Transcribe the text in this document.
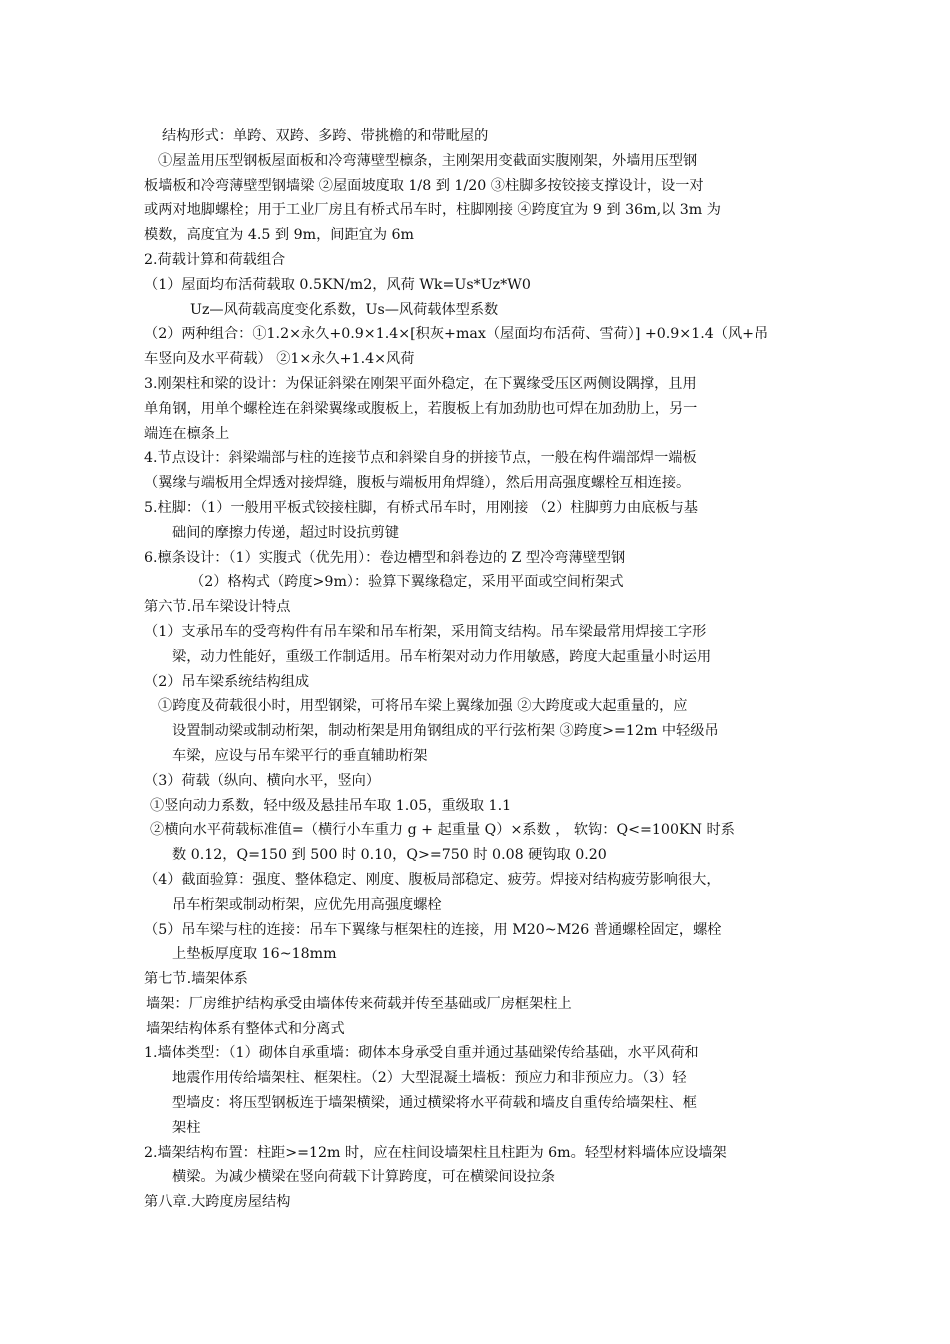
结构形式：单跨、双跨、多跨、带挑檐的和带毗屋的
①屋盖用压型钢板屋面板和冷弯薄壁型檩条，主刚架用变截面实腹刚架，外墙用压型钢
板墙板和冷弯薄壁型钢墙梁 ②屋面坡度取 1/8 到 1/20 ③柱脚多按铰接支撑设计，设一对
或两对地脚螺栓；用于工业厂房且有桥式吊车时，柱脚刚接 ④跨度宜为 9 到 36m,以 3m 为
模数，高度宜为 4.5 到 9m，间距宜为 6m
2.荷载计算和荷载组合
（1）屋面均布活荷载取 0.5KN/m2，风荷 Wk=Us*Uz*W0
Uz—风荷载高度变化系数，Us—风荷载体型系数
（2）两种组合：①1.2×永久+0.9×1.4×[积灰+max（屋面均布活荷、雪荷）] +0.9×1.4（风+吊
车竖向及水平荷载） ②1×永久+1.4×风荷
3.刚架柱和梁的设计：为保证斜梁在刚架平面外稳定，在下翼缘受压区两侧设隅撑，且用
单角钢，用单个螺栓连在斜梁翼缘或腹板上，若腹板上有加劲肋也可焊在加劲肋上，另一
端连在檩条上
4.节点设计：斜梁端部与柱的连接节点和斜梁自身的拼接节点，一般在构件端部焊一端板
（翼缘与端板用全焊透对接焊缝，腹板与端板用角焊缝），然后用高强度螺栓互相连接。
5.柱脚：（1）一般用平板式铰接柱脚，有桥式吊车时，用刚接 （2）柱脚剪力由底板与基
础间的摩擦力传递，超过时设抗剪键
6.檩条设计：（1）实腹式（优先用）：卷边槽型和斜卷边的 Z 型冷弯薄壁型钢
（2）格构式（跨度>9m）：验算下翼缘稳定，采用平面或空间桁架式
第六节.吊车梁设计特点
（1）支承吊车的受弯构件有吊车梁和吊车桁架，采用简支结构。吊车梁最常用焊接工字形
梁，动力性能好，重级工作制适用。吊车桁架对动力作用敏感，跨度大起重量小时运用
（2）吊车梁系统结构组成
①跨度及荷载很小时，用型钢梁，可将吊车梁上翼缘加强 ②大跨度或大起重量的，应
设置制动梁或制动桁架，制动桁架是用角钢组成的平行弦桁架 ③跨度>=12m 中轻级吊
车梁，应设与吊车梁平行的垂直辅助桁架
（3）荷载（纵向、横向水平，竖向）
①竖向动力系数，轻中级及悬挂吊车取 1.05，重级取 1.1
②横向水平荷载标准值=（横行小车重力 g + 起重量 Q）×系数 ， 软钩：Q<=100KN 时系
数 0.12，Q=150 到 500 时 0.10，Q>=750 时 0.08 硬钩取 0.20
（4）截面验算：强度、整体稳定、刚度、腹板局部稳定、疲劳。焊接对结构疲劳影响很大，
吊车桁架或制动桁架，应优先用高强度螺栓
（5）吊车梁与柱的连接：吊车下翼缘与框架柱的连接，用 M20~M26 普通螺栓固定，螺栓
上垫板厚度取 16~18mm
第七节.墙架体系
墙架：厂房维护结构承受由墙体传来荷载并传至基础或厂房框架柱上
墙架结构体系有整体式和分离式
1.墙体类型：（1）砌体自承重墙：砌体本身承受自重并通过基础梁传给基础，水平风荷和
地震作用传给墙架柱、框架柱。（2）大型混凝土墙板：预应力和非预应力。（3）轻
型墙皮：将压型钢板连于墙架横梁，通过横梁将水平荷载和墙皮自重传给墙架柱、框
架柱
2.墙架结构布置：柱距>=12m 时，应在柱间设墙架柱且柱距为 6m。轻型材料墙体应设墙架
横梁。为减少横梁在竖向荷载下计算跨度，可在横梁间设拉条
第八章.大跨度房屋结构
